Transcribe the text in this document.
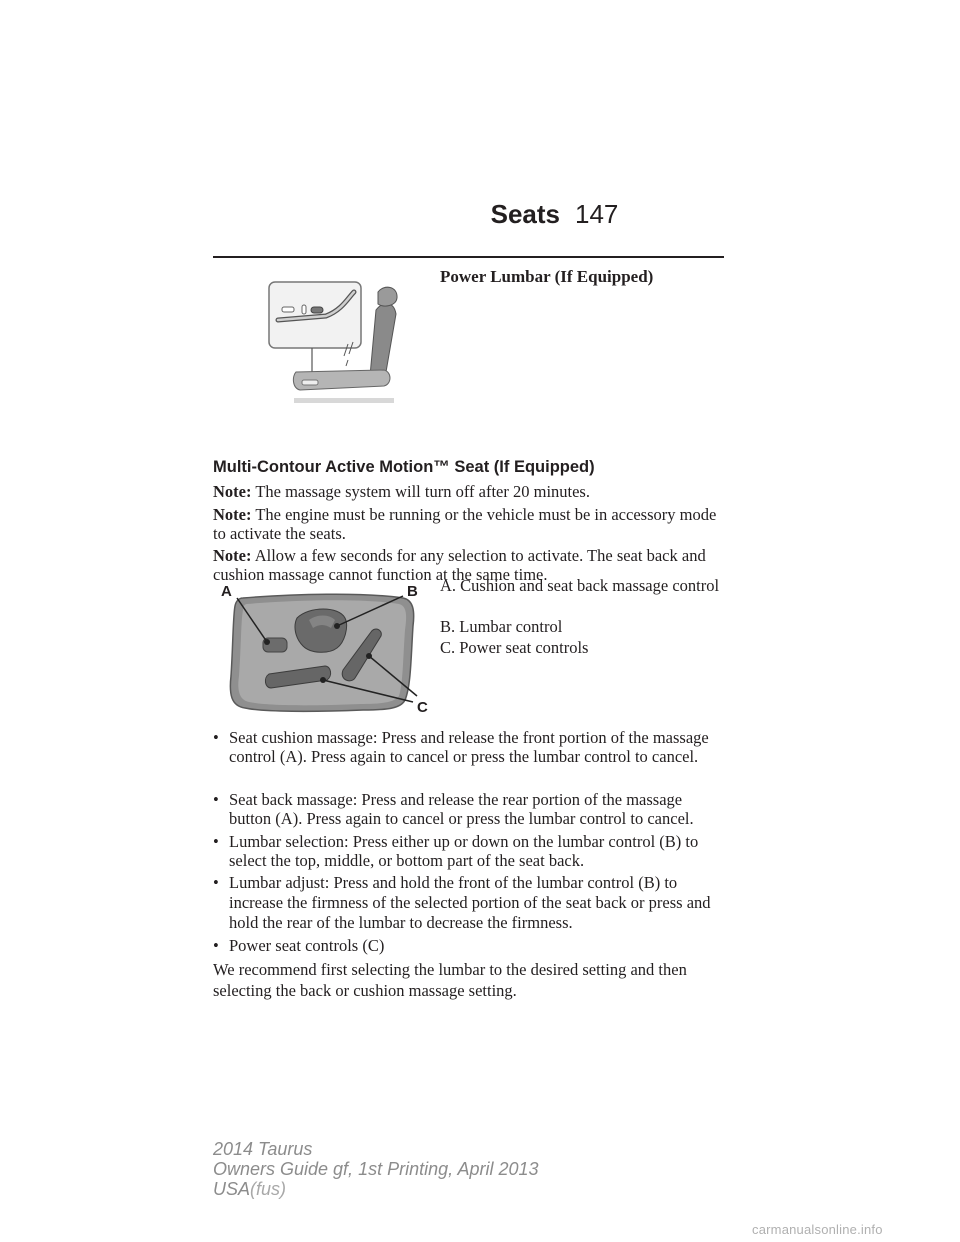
Seats 147
Power Lumbar (If Equipped)
Multi-Contour Active Motion™ Seat (If Equipped)
Note: The massage system will turn off after 20 minutes.
Note: The engine must be running or the vehicle must be in accessory mode to activate the seats.
Note: Allow a few seconds for any selection to activate. The seat back and cushion massage cannot function at the same time.
A	B
C
A. Cushion and seat back massage control
B. Lumbar control
C. Power seat controls
• Seat cushion massage: Press and release the front portion of the massage control (A). Press again to cancel or press the lumbar control to cancel.
• Seat back massage: Press and release the rear portion of the massage button (A). Press again to cancel or press the lumbar control to cancel.
• Lumbar selection: Press either up or down on the lumbar control (B) to select the top, middle, or bottom part of the seat back.
• Lumbar adjust: Press and hold the front of the lumbar control (B) to increase the firmness of the selected portion of the seat back or press and hold the rear of the lumbar to decrease the firmness.
• Power seat controls (C)
We recommend first selecting the lumbar to the desired setting and then selecting the back or cushion massage setting.
2014 Taurus
Owners Guide gf, 1st Printing, April 2013
USA(fus)
carmanualsonline.info
